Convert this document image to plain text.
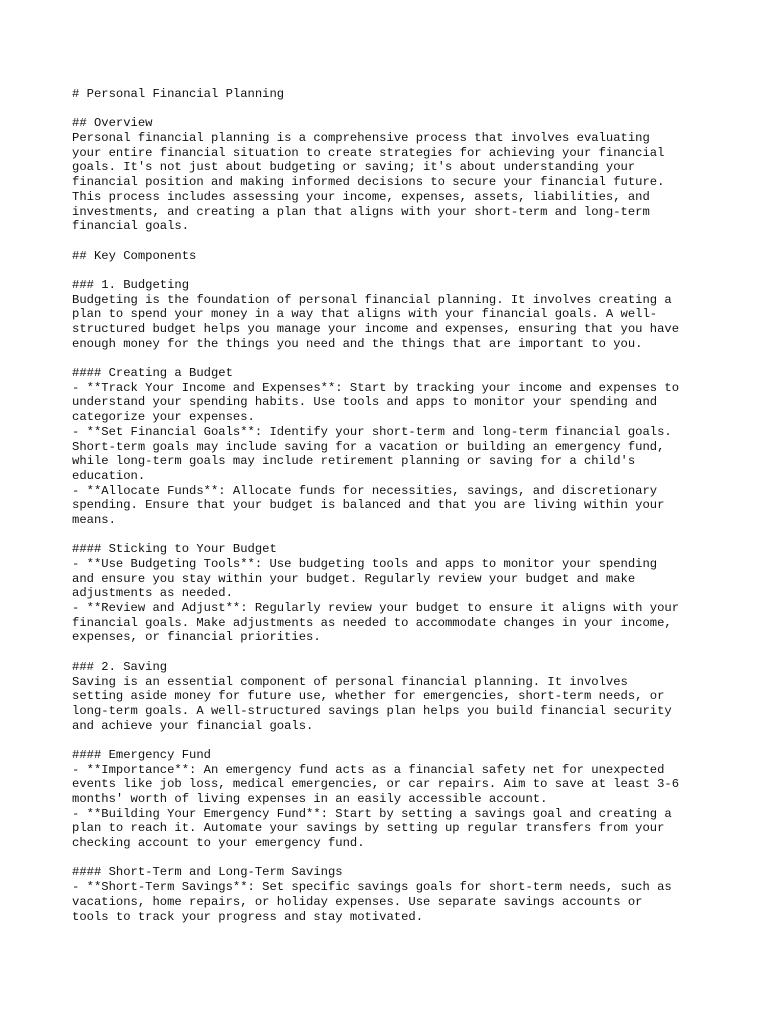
# Personal Financial Planning
## Overview
Personal financial planning is a comprehensive process that involves evaluating
your entire financial situation to create strategies for achieving your financial
goals. It's not just about budgeting or saving; it's about understanding your
financial position and making informed decisions to secure your financial future.
This process includes assessing your income, expenses, assets, liabilities, and
investments, and creating a plan that aligns with your short-term and long-term
financial goals.
## Key Components
### 1. Budgeting
Budgeting is the foundation of personal financial planning. It involves creating a
plan to spend your money in a way that aligns with your financial goals. A well-
structured budget helps you manage your income and expenses, ensuring that you have
enough money for the things you need and the things that are important to you.
#### Creating a Budget
- **Track Your Income and Expenses**: Start by tracking your income and expenses to
understand your spending habits. Use tools and apps to monitor your spending and
categorize your expenses.
- **Set Financial Goals**: Identify your short-term and long-term financial goals.
Short-term goals may include saving for a vacation or building an emergency fund,
while long-term goals may include retirement planning or saving for a child's
education.
- **Allocate Funds**: Allocate funds for necessities, savings, and discretionary
spending. Ensure that your budget is balanced and that you are living within your
means.
#### Sticking to Your Budget
- **Use Budgeting Tools**: Use budgeting tools and apps to monitor your spending
and ensure you stay within your budget. Regularly review your budget and make
adjustments as needed.
- **Review and Adjust**: Regularly review your budget to ensure it aligns with your
financial goals. Make adjustments as needed to accommodate changes in your income,
expenses, or financial priorities.
### 2. Saving
Saving is an essential component of personal financial planning. It involves
setting aside money for future use, whether for emergencies, short-term needs, or
long-term goals. A well-structured savings plan helps you build financial security
and achieve your financial goals.
#### Emergency Fund
- **Importance**: An emergency fund acts as a financial safety net for unexpected
events like job loss, medical emergencies, or car repairs. Aim to save at least 3-6
months' worth of living expenses in an easily accessible account.
- **Building Your Emergency Fund**: Start by setting a savings goal and creating a
plan to reach it. Automate your savings by setting up regular transfers from your
checking account to your emergency fund.
#### Short-Term and Long-Term Savings
- **Short-Term Savings**: Set specific savings goals for short-term needs, such as
vacations, home repairs, or holiday expenses. Use separate savings accounts or
tools to track your progress and stay motivated.
